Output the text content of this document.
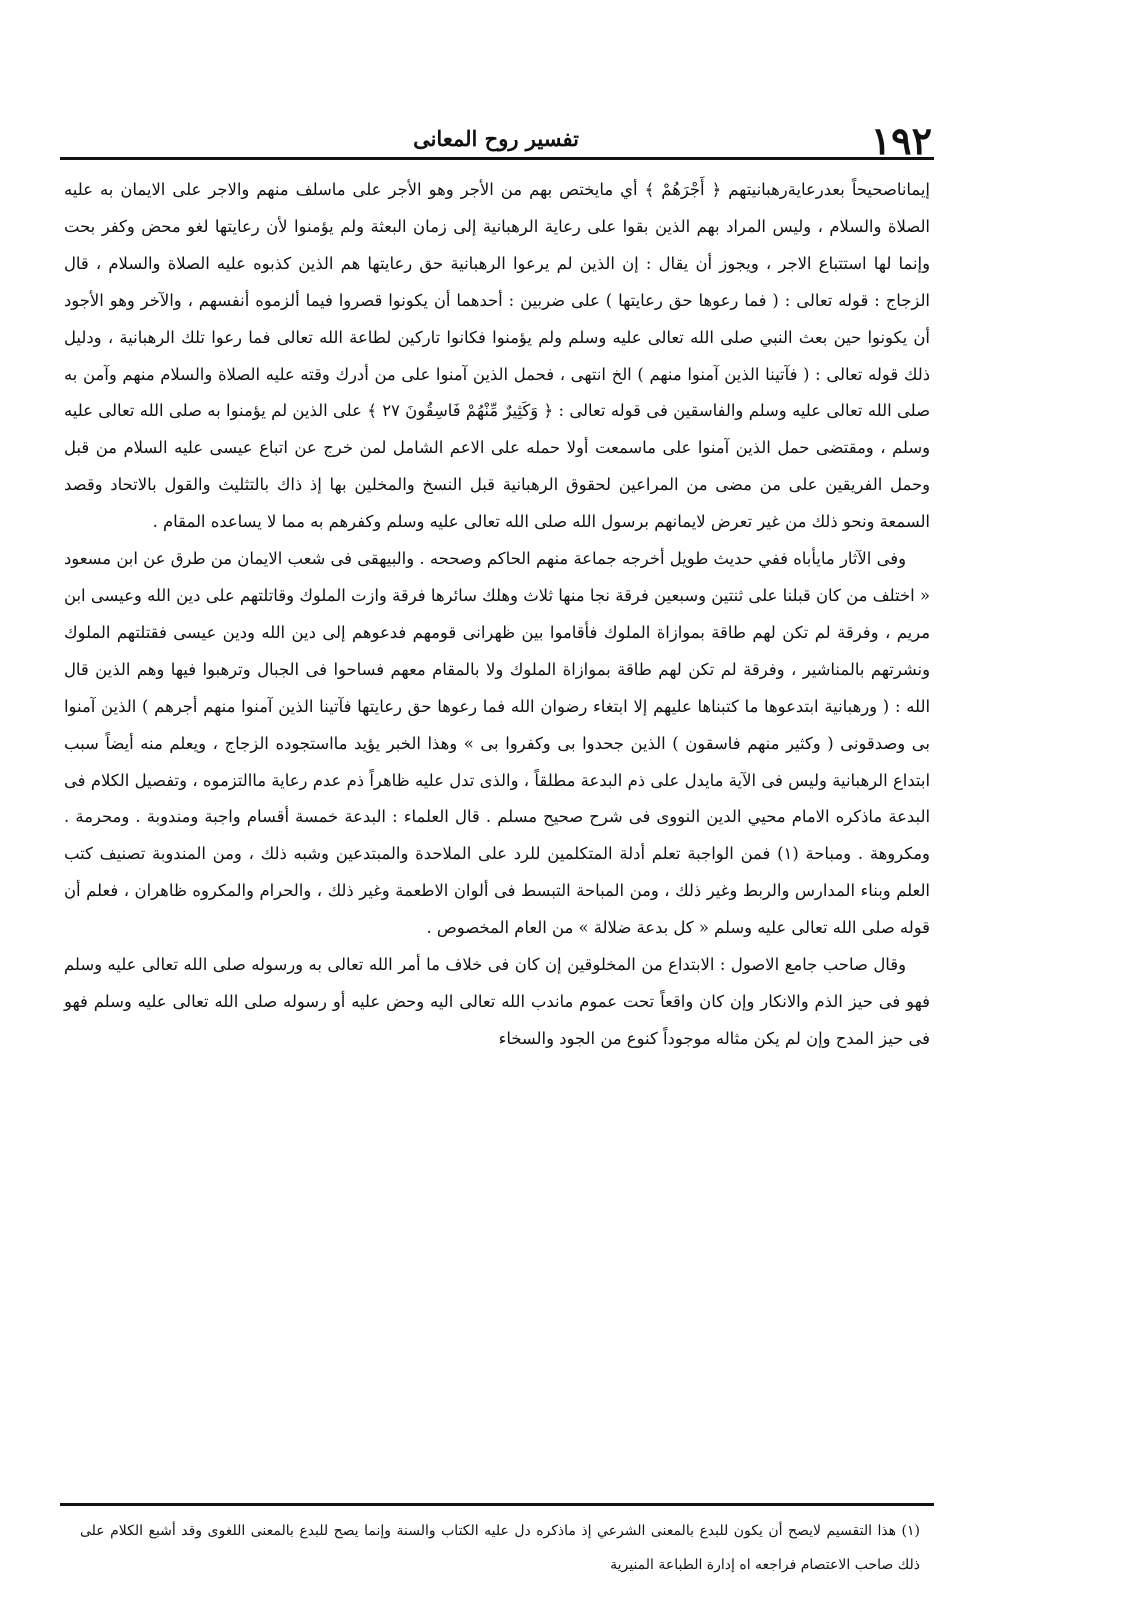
١٩٢
تفسير روح المعانى

إيماناصحيحاً بعدرعايةرهبانيتهم ﴿ أَجْرَهُمْ ﴾ أي مايختص بهم من الأجر وهو الأجر على ماسلف منهم والاجر على الايمان به عليه الصلاة والسلام ، وليس المراد بهم الذين بقوا على رعاية الرهبانية إلى زمان البعثة ولم يؤمنوا لأن رعايتها لغو محض وكفر بحت وإنما لها استتباع الاجر ، ويجوز أن يقال : إن الذين لم يرعوا الرهبانية حق رعايتها هم الذين كذبوه عليه الصلاة والسلام ، قال الزجاج : قوله تعالى : ( فما رعوها حق رعايتها ) على ضربين : أحدهما أن يكونوا قصروا فيما ألزموه أنفسهم ، والآخر وهو الأجود أن يكونوا حين بعث النبي صلى الله تعالى عليه وسلم ولم يؤمنوا فكانوا تاركين لطاعة الله تعالى فما رعوا تلك الرهبانية ، ودليل ذلك قوله تعالى : ( فآتينا الذين آمنوا منهم ) الخ انتهى ، فحمل الذين آمنوا على من أدرك وقته عليه الصلاة والسلام منهم وآمن به صلى الله تعالى عليه وسلم والفاسقين فى قوله تعالى : ﴿ وَكَثِيرٌ مِّنْهُمْ فَاسِقُونَ ٢٧ ﴾ على الذين لم يؤمنوا به صلى الله تعالى عليه وسلم ، ومقتضى حمل الذين آمنوا على ماسمعت أولا حمله على الاعم الشامل لمن خرج عن اتباع عيسى عليه السلام من قبل وحمل الفريقين على من مضى من المراعين لحقوق الرهبانية قبل النسخ والمخلين بها إذ ذاك بالتثليث والقول بالاتحاد وقصد السمعة ونحو ذلك من غير تعرض لايمانهم برسول الله صلى الله تعالى عليه وسلم وكفرهم به مما لا يساعده المقام .

وفى الآثار مايأباه ففي حديث طويل أخرجه جماعة منهم الحاكم وصححه . والبيهقى فى شعب الايمان من طرق عن ابن مسعود « اختلف من كان قبلنا على ثنتين وسبعين فرقة نجا منها ثلاث وهلك سائرها فرقة وازت الملوك وقاتلتهم على دين الله وعيسى ابن مريم ، وفرقة لم تكن لهم طاقة بموازاة الملوك فأقاموا بين ظهرانى قومهم فدعوهم إلى دين الله ودين عيسى فقتلتهم الملوك ونشرتهم بالمناشير ، وفرقة لم تكن لهم طاقة بموازاة الملوك ولا بالمقام معهم فساحوا فى الجبال وترهبوا فيها وهم الذين قال الله : ( ورهبانية ابتدعوها ما كتبناها عليهم إلا ابتغاء رضوان الله فما رعوها حق رعايتها فآتينا الذين آمنوا منهم أجرهم ) الذين آمنوا بى وصدقونى ( وكثير منهم فاسقون ) الذين جحدوا بى وكفروا بى » وهذا الخبر يؤيد مااستجوده الزجاج ، ويعلم منه أيضاً سبب ابتداع الرهبانية وليس فى الآية مايدل على ذم البدعة مطلقاً ، والذى تدل عليه ظاهراً ذم عدم رعاية ماالتزموه ، وتفصيل الكلام فى البدعة ماذكره الامام محيي الدين النووى فى شرح صحيح مسلم . قال العلماء : البدعة خمسة أقسام واجبة ومندوبة . ومحرمة . ومكروهة . ومباحة (١) فمن الواجبة تعلم أدلة المتكلمين للرد على الملاحدة والمبتدعين وشبه ذلك ، ومن المندوبة تصنيف كتب العلم وبناء المدارس والربط وغير ذلك ، ومن المباحة التبسط فى ألوان الاطعمة وغير ذلك ، والحرام والمكروه ظاهران ، فعلم أن قوله صلى الله تعالى عليه وسلم « كل بدعة ضلالة » من العام المخصوص .

وقال صاحب جامع الاصول : الابتداع من المخلوقين إن كان فى خلاف ما أمر الله تعالى به ورسوله صلى الله تعالى عليه وسلم فهو فى حيز الذم والانكار وإن كان واقعاً تحت عموم ماندب الله تعالى اليه وحض عليه أو رسوله صلى الله تعالى عليه وسلم فهو فى حيز المدح وإن لم يكن مثاله موجوداً كنوع من الجود والسخاء

(١) هذا التقسيم لايصح أن يكون للبدع بالمعنى الشرعي إذ ماذكره دل عليه الكتاب والسنة وإنما يصح للبدع بالمعنى اللغوى وقد أشبع الكلام على ذلك صاحب الاعتصام فراجعه اه إدارة الطباعة المنيرية
